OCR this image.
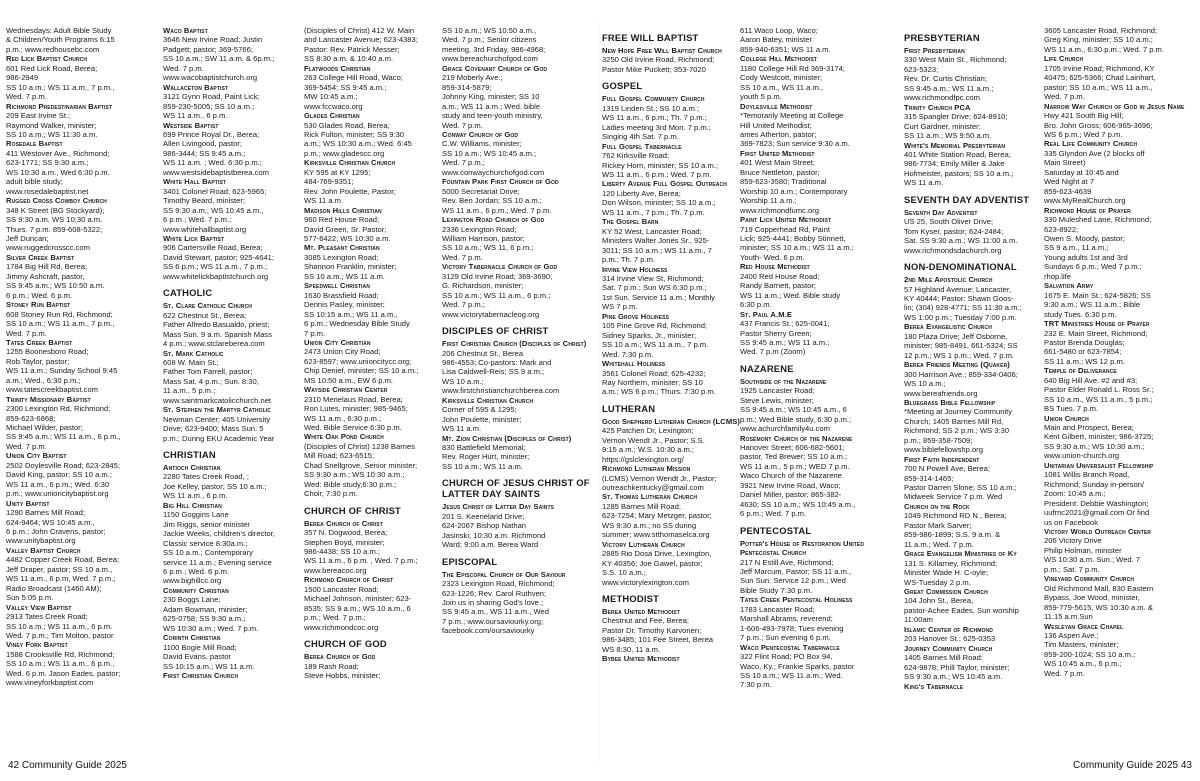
Wednesdays: Adult Bible Study
& Children/Youth Programs 6:15
p.m.; www.redhousebc.com
Red Lick Baptist Church
601 Red Lick Road, Berea;
986-2949
SS 10 a.m.; WS 11 a.m., 7 p.m.,
Wed. 7 p.m.
Richmond Predestinarian Baptist
209 East Irvine St.;
Raymond Walker, minister;
SS 10 a.m.; WS 11:30 a.m.
Rosedale Baptist
411 Westover Ave., Richmond;
623-1771; SS 9:30 a.m.;
WS 10:30 a.m., Wed 6:30 p.m.
adult bible study;
www.rosedalebaptist.net
Rugged Cross Cowboy Church
348 K Street (BG Stockyard);
SS 9:30 a.m. WS 10;30 a.m.
Thurs. 7 p.m. 859-608-5322;
Jeff Duncan;
www.ruggedcrosscc.com
Silver Creek Baptist
1784 Big Hill Rd, Berea;
Jimmy Ashcraft, pastor,
SS 9:45 a.m.; WS 10:50 a.m.
6 p.m.; Wed. 6 p.m.
Stoney Run Baptist
608 Stoney Run Rd, Richmond;
SS 10 a.m.; WS 11 a.m., 7 p.m.,
Wed. 7 p.m.
Tates Creek Baptist
1255 Boonesboro Road;
Rob Taylor, pastor;
WS 11 a.m.; Sunday School 9:45
a.m.; Wed., 6:30 p.m.;
www.tatescreekbaptist.com
Trinity Missionary Baptist
2300 Lexington Rd, Richmond;
859-623-6868;
Michael Wilder, pastor;
SS 9:45 a.m.; WS 11 a.m., 6 p.m.,
Wed. 7 p.m.
Union City Baptist
2502 Doylesville Road; 623-2845;
David King, pastor; SS 10 a.m.;
WS 11 a.m., 6 p.m.; Wed. 6:30
p.m.; www.unioncitybaptist.org
Unity Baptist
1290 Barnes Mill Road;
624-9464; WS 10:45 a.m.,
6 p.m.; John Cravens, pastor;
www.unitybaptist.org
Valley Baptist Church
4482 Copper Creek Road, Berea;
Jeff Draper, pastor; SS 10 a.m.,
WS 11 a.m., 6 p.m, Wed. 7 p.m.;
Radio Broadcast (1460 AM);
Sun 5:05 p.m.
Valley View Baptist
2913 Tates Creek Road;
SS 10 a.m.; WS 11 a.m., 6 p.m.
Wed. 7 p.m.; Tim Molton, pastor
Viney Fork Baptist
1588 Crooksville Rd, Richmond;
SS 10 a.m.; WS 11 a.m., 6 p.m.,
Wed. 6 p.m. Jason Eades, pastor;
www.vineyforkbaptist.com
Waco Baptist
3646 New Irvine Road; Justin
Padgett; pastor; 369-5766;
SS 10 a.m.; SW 11 a.m. & 6p.m.;
Wed. 7 p.m.
www.wacobaptistchurch.org
Wallaceton Baptist
3121 Gynn Road, Paint Lick;
859-230-5005; SS 10 a.m.;
WS 11 a.m., 6 p.m.
Westside Baptist
699 Prince Royal Dr., Berea;
Allen Livingood, pastor;
986-3444; SS 9:45 a.m.;
WS 11 a.m. ; Wed. 6:30 p.m.;
www.westsidebaptistberea.com
White Hall Baptist
3401 Colonel Road; 623-5965;
Timothy Beard, minister;
SS 9:30 a.m.; WS 10:45 a.m.,
6 p.m.; Wed. 7 p.m.;
www.whitehallbaptist.org
White Lick Baptist
906 Cartersville Road, Berea;
David Stewart, pastor; 925-4641;
SS 6 p.m.; WS 11 a.m., 7 p.m.;
www.whitelickbaptistchurch.org
CATHOLIC
St. Clare Catholic Church
622 Chestnut St., Berea;
Father Alfredo Basualdo, priest;
Mass Sun. 9 a.m. Spanish Mass
4 p.m.; www.stclareberea.com
St. Mark Catholic
608 W. Main St.;
Father Tom Farrell, pastor;
Mass Sat. 4 p.m.; Sun. 8:30,
11 a.m., 5 p.m.;
www.saintmarkcatolicchurch.net
St. Stephen the Martyr Catholic
Newman Center; 405 University
Drive; 623-9400; Mass Sun. 5
p.m.; During EKU Academic Year
CHRISTIAN
Antioch Christian
2280 Tates Creek Road, ;
Joe Kelley, pastor; SS 10 a.m.;
WS 11 a.m., 6 p.m.
Big Hill Christian
1150 Goggins Lane
Jim Riggs, senior minister
Jackie Weeks, children's director,
Classic service 8:30a.m.;
SS 10 a.m.; Contemporary
service 11 a.m.; Evening service
6 p.m.; Wed. 6 p.m.
www.bighillcc.org
Community Christian
230 Boggs Lane;
Adam Bowman, minister;
625-0758; SS 9:30 a.m.;
WS 10:30 a.m.; Wed. 7 p.m.
Corinth Christian
1100 Bogie Mill Road;
David Evans, pastor
SS 10:15 a.m.; WS 11 a.m.
First Christian Church
(Disciples of Christ) 412 W. Main
and Lancaster Avenue; 623-4383;
Pastor: Rev. Patrick Messer;
SS 8:30 a.m. & 10:40 a.m.
Flatwoods Christian
263 College Hill Road, Waco;
369-5454; SS 9:45 a.m.;
MW 10:45 a.m.;
www.fccwaco.org
Glades Christian
530 Glades Road, Berea;
Rick Fulton, minister; SS 9:30
a.m.; WS 10:30 a.m.; Wed. 6:45
p.m.; www.gladescc.org
Kirksville Christian Church
KY 595 at KY 1295;
484-769-9351;
Rev. John Poulette, Pastor;
WS 11 a.m.
Madison Hills Christian
960 Red House Road;
David Green, Sr. Pastor;
577-6422; WS 10:30 a.m.
Mt. Pleasant Christian
3085 Lexington Road;
Shannon Franklin, minister;
SS 10 a.m.; WS 11 a.m.
Speedwell Christian
1630 Brassfield Road;
Dennis Pasley, minister;
SS 10:15 a.m.; WS 11 a.m.,
6 p.m.; Wednesday Bible Study
7 p.m.
Union City Christian
2473 Union City Road;
623-8597; www.unioncitycc.org;
Chip Denief, minister; SS 10 a.m.;
MS 10:50 a.m., EW 6 p.m.
Wayside Christian Center
2310 Menelaus Road, Berea;
Ron Lutes, minister; 985-9465;
WS 11 a.m., 6:30 p.m.;
Wed. Bible Service 6:30 p.m.
White Oak Pond Church
(Disciples of Christ) 1238 Barnes
Mill Road; 623-6515;
Chad Snellgrove, Senior minister;
SS 9:30 a.m.; WS 10:30 a.m.;
Wed: Bible study,6:30 p.m.;
Choir, 7:30 p.m.
CHURCH OF CHRIST
Berea Church of Christ
357 N. Dogwood, Berea;
Stephen Boyd, minister;
986-4438; SS 10 a.m.;
WS 11 a.m., 6 p.m. , Wed. 7 p.m.;
www.bereacoc.org
Richmond Church of Christ
1500 Lancaster Road;
Michael Johnson, minister; 623-
8535; SS 9 a.m.; WS 10 a.m., 6
p.m.; Wed. 7 p.m.;
www.richmondcoc.org
CHURCH OF GOD
Berea Church of God
189 Rash Road;
Steve Hobbs, minister;
SS 10 a.m.; WS 10:50 a.m.,
Wed. 7 p.m.; Senior citizens
meeting, 3rd Friday, 986-4968;
www.bereachurchofgod.com
Grace Covenant Church of God
219 Moberly Ave.;
859-314-5879;
Johnny King, minister; SS 10
a.m.; WS 11 a.m.; Wed. bible
study and teen-youth ministry,
Wed. 7 p.m.
Conway Church of God
C.W. Williams, minister;
SS 10 a.m.; WS 10:45 a.m.;
Wed. 7 p.m.;
www.conwaychurchofgod.com
Fountain Park First Church of God
5000 Secretariat Drive;
Rev. Ben Jordan; SS 10 a.m.;
WS 11 a.m., 6 p.m.; Wed. 7 p.m.
Lexington Road Church of God
2336 Lexington Road;
William Harrison, pastor;
SS 10 a.m.; WS 11, 6 p.m.;
Wed. 7 p.m.
Victory Tabernacle Church of God
3129 Old Irvine Road; 369-3690;
G. Richardson, minister;
SS 10 a.m.; WS 11 a.m., 6 p.m.;
Wed. 7 p.m.;
www.victorytabernacleog.org
DISCIPLES OF CHRIST
First Christian Church (Disciples of Christ)
206 Chestnut St., Berea
986-4553; Co-pastors: Mark and
Lisa Caldwell-Reis; SS 9 a.m.;
WS 10 a.m.;
www.firstchristianchurchberea.com
Kirksville Christian Church
Corner of 595 & 1295;
John Poulette, minister;
WS 11 a.m.
Mt. Zion Christian (Disciples of Christ)
830 Battlefield Memorial;
Rev. Roger Hurt, minister;
SS 10 a.m.; WS 11 a.m.
CHURCH OF JESUS CHRIST OF LATTER DAY SAINTS
Jesus Christ of Latter Day Saints
201 S. Keeneland Drive;
624-2067 Bishop Nathan
Jasinski; 10:30 a.m. Richmond
Ward; 9:00 a.m. Berea Ward
EPISCOPAL
The Episcopal Church of Our Saviour
2323 Lexington Road, Richmond;
623-1226; Rev. Carol Ruthven;
Join us in sharing God's love.;
SS 9:45 a.m., WS 11 a.m., Wed
7 p.m.; www.oursaviourky.org;
facebook.com/oursaviourky
FREE WILL BAPTIST
New Hope Free Will Baptist Church
3250 Old Irvine Road, Richmond;
Pastor Mike Puckett; 353-7020
GOSPEL
Full Gospel Community Church
1319 Linden St.; SS 10 a.m.;
WS 11 a.m., 6 p.m.; Th. 7 p.m.;
Ladies meeting 3rd Mon. 7 p.m.;
Singing 4th Sat. 7 p.m.
Full Gospel Tabernacle
762 Kirksville Road;
Rickey Horn, minister; SS 10 a.m.;
WS 11 a.m., 6 p.m.; Wed. 7 p.m.
Liberty Avenue Full Gospel Outreach
120 Liberty Ave, Berea;
Don Wilson, minister; SS 10 a.m.;
WS 11 a.m., 7 p.m.; Th. 7 p.m.
The Gospel Barn
KY 52 West, Lancaster Road;
Ministers Walter Jones Sr., 925-
3011; SS 10 a.m.; WS 11 a.m., 7
p.m.; Th. 7 p.m.
Irvine View Holiness
314 Irvine View St, Richmond;
Sat. 7 p.m.; Sun WS 6:30 p.m.;
1st Sun. Service 11 a.m.; Monthly
WS 7 p.m.
Pine Grove Holiness
105 Pine Grove Rd, Richmond;
Sidney Sparks, Jr., minister;
SS 10 a.m.; WS 11 a.m., 7 p.m.
Wed. 7:30 p.m.
Whitehall Holiness
3561 Colonel Road; 625-4232;
Ray Northern, minister; SS 10
a.m.; WS 6 p.m.; Thurs. 7:30 p.m.
LUTHERAN
Good Shepherd Lutheran Church (LCMS)
425 Patchen Dr, Lexington;
Vernon Wendt Jr., Pastor; S.S.
9:15 a.m.; W.S. 10:30 a.m.;
https://gslclexington.org/
Richmond Lutheran Mission
(LCMS) Vernon Wendt Jr., Pastor;
outreachkentucky@gmail.com
St. Thomas Lutheran Church
1285 Barnes Mill Road;
623-7254; Mary Metzger, pastor;
WS 9:30 a.m.; no SS during
summer; www.stthomaselca.org
Victory Lutheran Church
2885 Rio Dosa Drive, Lexington,
KY 40356; Joe Gawel, pastor;
S.S. 10 a.m.;
www.victorylexington.com
METHODIST
Berea United Methodist
Chestnut and Fee, Berea;
Pastor Dr. Timothy Karvonen;
986-3485; 101 Fee Street, Berea
WS 8:30, 11 a.m.
Bybee United Methodist
611 Waco Loop, Waco;
Aaron Batey, minister
859-940-6351; WS 11 a.m.
College Hill Methodist
1180 College Hill Rd 369-3174;
Cody Westcott, minister;
SS 10 a.m., WS 11 a.m.,
youth 5 p.m.
Doylesville Methodist
*Temorarily Meeting at College
Hill United Methodist;
ames Atherton, pastor;
369-7823; Sun service 9:30 a.m.
First United Methodist
401 West Main Street;
Bruce Nettleton, pastor;
859-623-3580; Traditional
Worship 10 a.m.; Contemporary
Worship 11 a.m.;
www.richmondfumc.org
Paint Lick United Methodist
719 Copperhead Rd, Paint
Lick; 925-4441; Bobby Stinnett,
minister; SS 10 a.m.; WS 11 a.m.;
Youth- Wed. 6 p.m.
Red House Methodist
2400 Red House Road;
Randy Barnett, pastor;
WS 11 a.m.; Wed. Bible study
6:30 p.m.
St. Paul A.M.E
437 Francis St.; 625-0041;
Pastor Sherry Green;
SS 9:45 a.m.; WS 11 a.m.;
Wed. 7 p.m (Zoom)
NAZARENE
Southside of the Nazarene
1925 Lancaster Road;
Steve Lewis, minister;
SS 9:45 a.m.; WS 10:45 a.m., 6
p.m.; Wed Bible study, 6:30 p.m.;
www.achurchfamily4u.com
Rosemont Church of the Nazarene
Hanover Street; 606-682-5601;
pastor, Ted Brewer; SS 10 a.m.;
WS 11 a.m., 5 p.m.; WED 7 p.m.
Waco Church of the Nazarene
3921 New Irvine Road, Waco;
Daniel Miller, pastor; 865-382-
4630; SS 10 a.m.; WS 10:45 a.m.,
6 p.m.; Wed. 7 p.m.
PENTECOSTAL
Potter's House of Restoration United Pentecostal Church
217 N Estill Ave, Richmond;
Jeff Marcum, Pastor; SS 11 a.m.,
Sun Sun. Service 12 p.m.; Wed
Bible Study 7:30 p.m.
Tates Creek Pentecostal Holiness
1783 Lancaster Road;
Marshall Abrams, reverend;
1-606-493-7978; Tues evening
7 p.m.; Sun evening 6 p.m.
Waco Pentecostal Tabernacle
322 Flint Road; PO Box 94,
Waco, Ky.; Frankie Sparks, pastor
SS 10 a.m.; WS 11 a.m.; Wed.
7:30 p.m.
PRESBYTERIAN
First Presbyterian
330 West Main St., Richmond;
623-5323;
Rev. Dr. Curtis Christian;
SS 9:45 a.m.; WS 11 a.m.;
www.richmondfpc.com
Trinity Church PCA
315 Spangler Drive; 624-8910;
Curt Gardner, minister;
SS 11 a.m.; WS 9:50 a.m.
White's Memorial Presbyterian
401 White Station Road, Berea;
986-7734; Emily Miller & Jake
Hofmeister, pastors; SS 10 a.m.;
WS 11 a.m.
SEVENTH DAY ADVENTIST
Seventh Day Adventist
US 25, South Oliver Drive;
Tom Kyser, pastor; 624-2484;
Sat. SS 9:30 a.m.; WS 11:00 a.m.
www.richmondsdachurch.org
NON-DENOMINATIONAL
2nd Mile Apostolic Church
57 Highland Avenue; Lancaster,
KY 40444; Pastor: Shawn Goos-
lin; (304) 928-4771; SS 11:30 a.m.;
WS 1:00 p.m.; Tuesday 7:00 p.m.
Berea Evangelistic Church
180 Plaza Drive; Jeff Osborne,
minister; 985-8491, 661-5324; SS
12 p.m.; WS 1 p.m.; Wed. 7 p.m.
Berea Friends Meeting (Quaker)
300 Harrison Ave.; 859-334-0406;
WS 10 a.m.;
www.bereafriends.org
Bluegrass Bible Fellowship
*Meeting at Journey Community
Church; 1405 Barnes Mill Rd,
Richmond; SS 2 p.m.; WS 3:30
p.m.; 859-358-7509;
www.biblefellowshp.org
First Faith Independent
700 N Powell Ave, Berea;
859-314-1465;
Pastor Darren Slone; SS 10 a.m.;
Midweek Service 7 p.m. Wed
Church on the Rock
1049 Richmond RD N., Berea;
Pastor Mark Sarver;
859-986-1899; S.S. 9 a.m. &
11 a.m.; Wed. 7 p.m.
Grace Evangelism Ministries of Ky
131 S. Killarney, Richmond;
Minister Wade H. C-oyle;
WS-Tuesday 2 p.m.
Great Commission Church
104 John St., Berea,
pastor-Achee Eades, Sun worship
11:00am
Islamic Center of Richmond
203 Hanover St.; 625-0353
Journey Community Church
1405 Barnes Mill Road;
624-9878; Phill Taylor, minister;
SS 9:30 a.m.; WS 10:45 a.m.
King's Tabernacle
3605 Lancaster Road, Richmond;
Greg King, minister; SS 10 a.m.;
WS 11 a.m., 6:30 p.m.; Wed. 7 p.m.
Life Church
1705 Irvine Road; Richmond, KY
40475; 625-5366; Chad Lainhart,
pastor; SS 10 a.m.; WS 11 a.m.,
Wed. 7 p.m.
Narrow Way Church of God in Jesus Name
Hwy 421 South Big Hill;
Bro. John Gross; 606-965-3696;
WS 6 p.m.; Wed 7 p.m.
Real Life Community Church
335 Glyndon Ave (2 blocks off
Main Street)
Saturday at 10:45 and
Wed Night at 7
859-623-4639
www.MyRealChurch.org
Richmond House of Prayer
330 Muleshed Lane, Richmond;
623-8922;
Owen S. Moody, pastor;
SS 9 a.m., 11 a.m.;
Young adults 1st and 3rd
Sundays 6 p.m.; Wed 7 p.m.;
rhop.life
Salvation Army
1675 E. Main St.; 624-5826; SS
9:30 a.m.; WS 11 a.m.; Bible
study Tues. 6:30 p.m.
TRT Ministries House of Prayer
232 E. Main Street, Richmond;
Pastor Brenda Douglas;
661-5480 or 623-7854;
SS 11 a.m.; WS 12 p.m.
Temple of Deliverance
640 Big Hill Ave. #2 and #3;
Pastor Elder Ronald L. Ross Sr.;
SS 10 a.m., WS 11 a.m., 5 p.m.;
BS Tues. 7 p.m.
Union Church
Main and Prospect, Berea;
Kent Gilbert, minister; 986-3725;
SS 9:30 a.m.; WS 10:30 a.m.;
www.union-church.org
Unitarian Universalist Fellowship
1081 Willis Branch Road,
Richmond; Sunday in-person/
Zoom: 10:45 a.m.;
President: Debbie Washington;
uufrnc2021@gmail.com Or find
us on Facebook
Victory World Outreach Center
206 Victory Drive
Philip Holman, minister
WS 10:30 a.m. Sun.; Wed. 7
p.m.; Sat. 7 p.m.
Vineyard Community Church
Old Richmond Mall, 830 Eastern
Bypass, Joe Wood, minister,
859-779-5615, WS 10:30 a.m. &
11:15 a.m.Sun
Wesleyan Grace Chapel
136 Aspen Ave.;
Tim Masters, minister;
859-200-1024; SS 10 a.m.;
WS 10:45 a.m., 6 p.m.;
Wed. 7 p.m.
42 Community Guide 2025	Community Guide 2025 43
